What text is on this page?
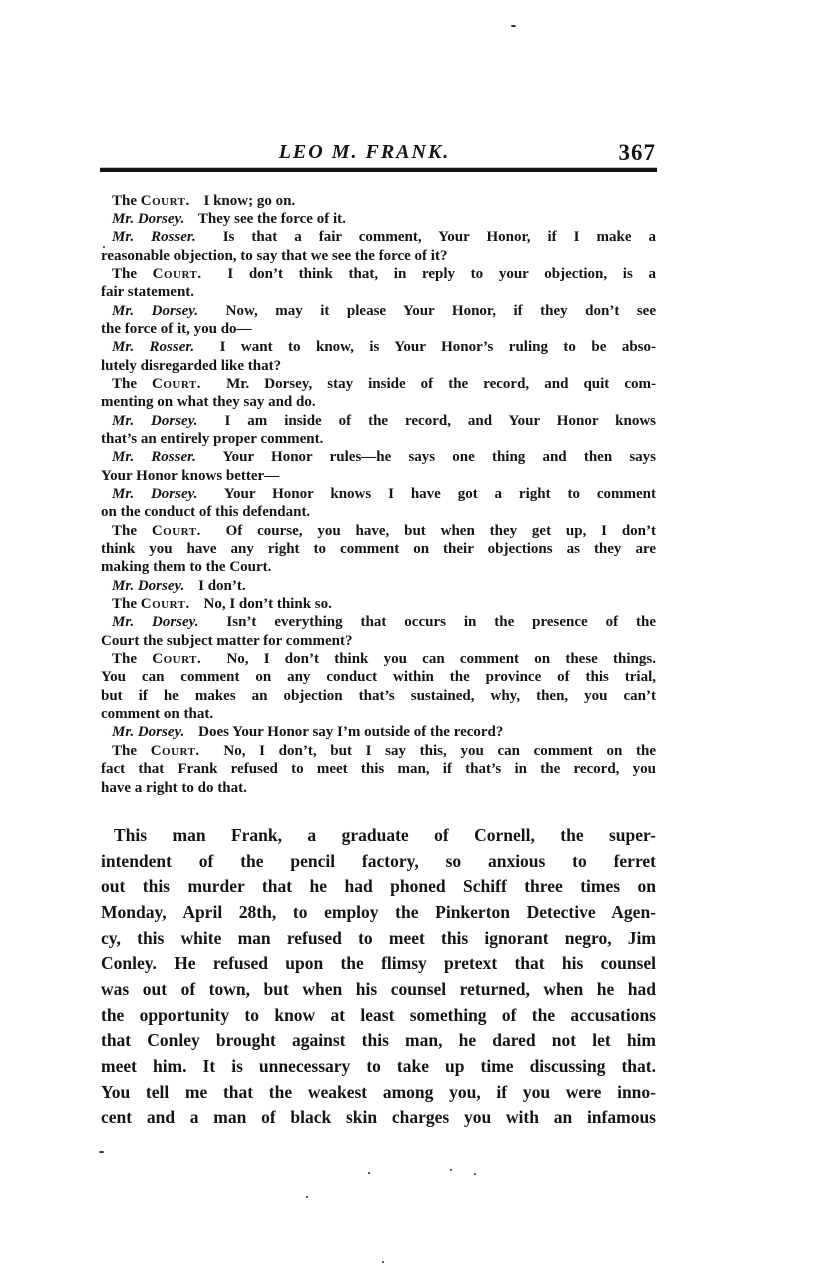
LEO M. FRANK.	367
The Court. I know; go on.
Mr. Dorsey. They see the force of it.
Mr. Rosser. Is that a fair comment, Your Honor, if I make a
reasonable objection, to say that we see the force of it?
The Court. I don’t think that, in reply to your objection, is a
fair statement.
Mr. Dorsey. Now, may it please Your Honor, if they don’t see
the force of it, you do—
Mr. Rosser. I want to know, is Your Honor’s ruling to be abso-
lutely disregarded like that?
The Court. Mr. Dorsey, stay inside of the record, and quit com-
menting on what they say and do.
Mr. Dorsey. I am inside of the record, and Your Honor knows
that’s an entirely proper comment.
Mr. Rosser. Your Honor rules—he says one thing and then says
Your Honor knows better—
Mr. Dorsey. Your Honor knows I have got a right to comment
on the conduct of this defendant.
The Court. Of course, you have, but when they get up, I don’t
think you have any right to comment on their objections as they are
making them to the Court.
Mr. Dorsey. I don’t.
The Court. No, I don’t think so.
Mr. Dorsey. Isn’t everything that occurs in the presence of the
Court the subject matter for comment?
The Court. No, I don’t think you can comment on these things.
You can comment on any conduct within the province of this trial,
but if he makes an objection that’s sustained, why, then, you can’t
comment on that.
Mr. Dorsey. Does Your Honor say I’m outside of the record?
The Court. No, I don’t, but I say this, you can comment on the
fact that Frank refused to meet this man, if that’s in the record, you
have a right to do that.
This man Frank, a graduate of Cornell, the super-
intendent of the pencil factory, so anxious to ferret
out this murder that he had phoned Schiff three times on
Monday, April 28th, to employ the Pinkerton Detective Agen-
cy, this white man refused to meet this ignorant negro, Jim
Conley. He refused upon the flimsy pretext that his counsel
was out of town, but when his counsel returned, when he had
the opportunity to know at least something of the accusations
that Conley brought against this man, he dared not let him
meet him. It is unnecessary to take up time discussing that.
You tell me that the weakest among you, if you were inno-
cent and a man of black skin charges you with an infamous
